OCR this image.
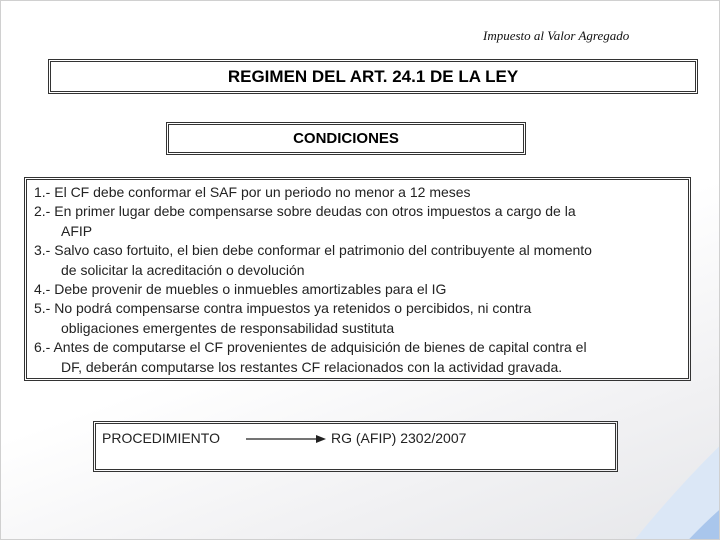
Impuesto al Valor Agregado
REGIMEN DEL ART. 24.1 DE LA LEY
CONDICIONES
1.- El CF debe conformar el SAF por un periodo no menor a 12 meses
2.- En primer lugar debe compensarse sobre deudas con otros impuestos a cargo de la
AFIP
3.- Salvo caso fortuito, el bien debe conformar el patrimonio del contribuyente al momento
de solicitar la acreditación o devolución
4.- Debe provenir de muebles o inmuebles amortizables para el IG
5.- No podrá compensarse contra impuestos ya retenidos o percibidos, ni contra
obligaciones emergentes de responsabilidad sustituta
6.- Antes de computarse el CF provenientes de adquisición de bienes de capital contra el
DF, deberán computarse los restantes CF relacionados con la actividad gravada.
PROCEDIMIENTO	RG (AFIP) 2302/2007
